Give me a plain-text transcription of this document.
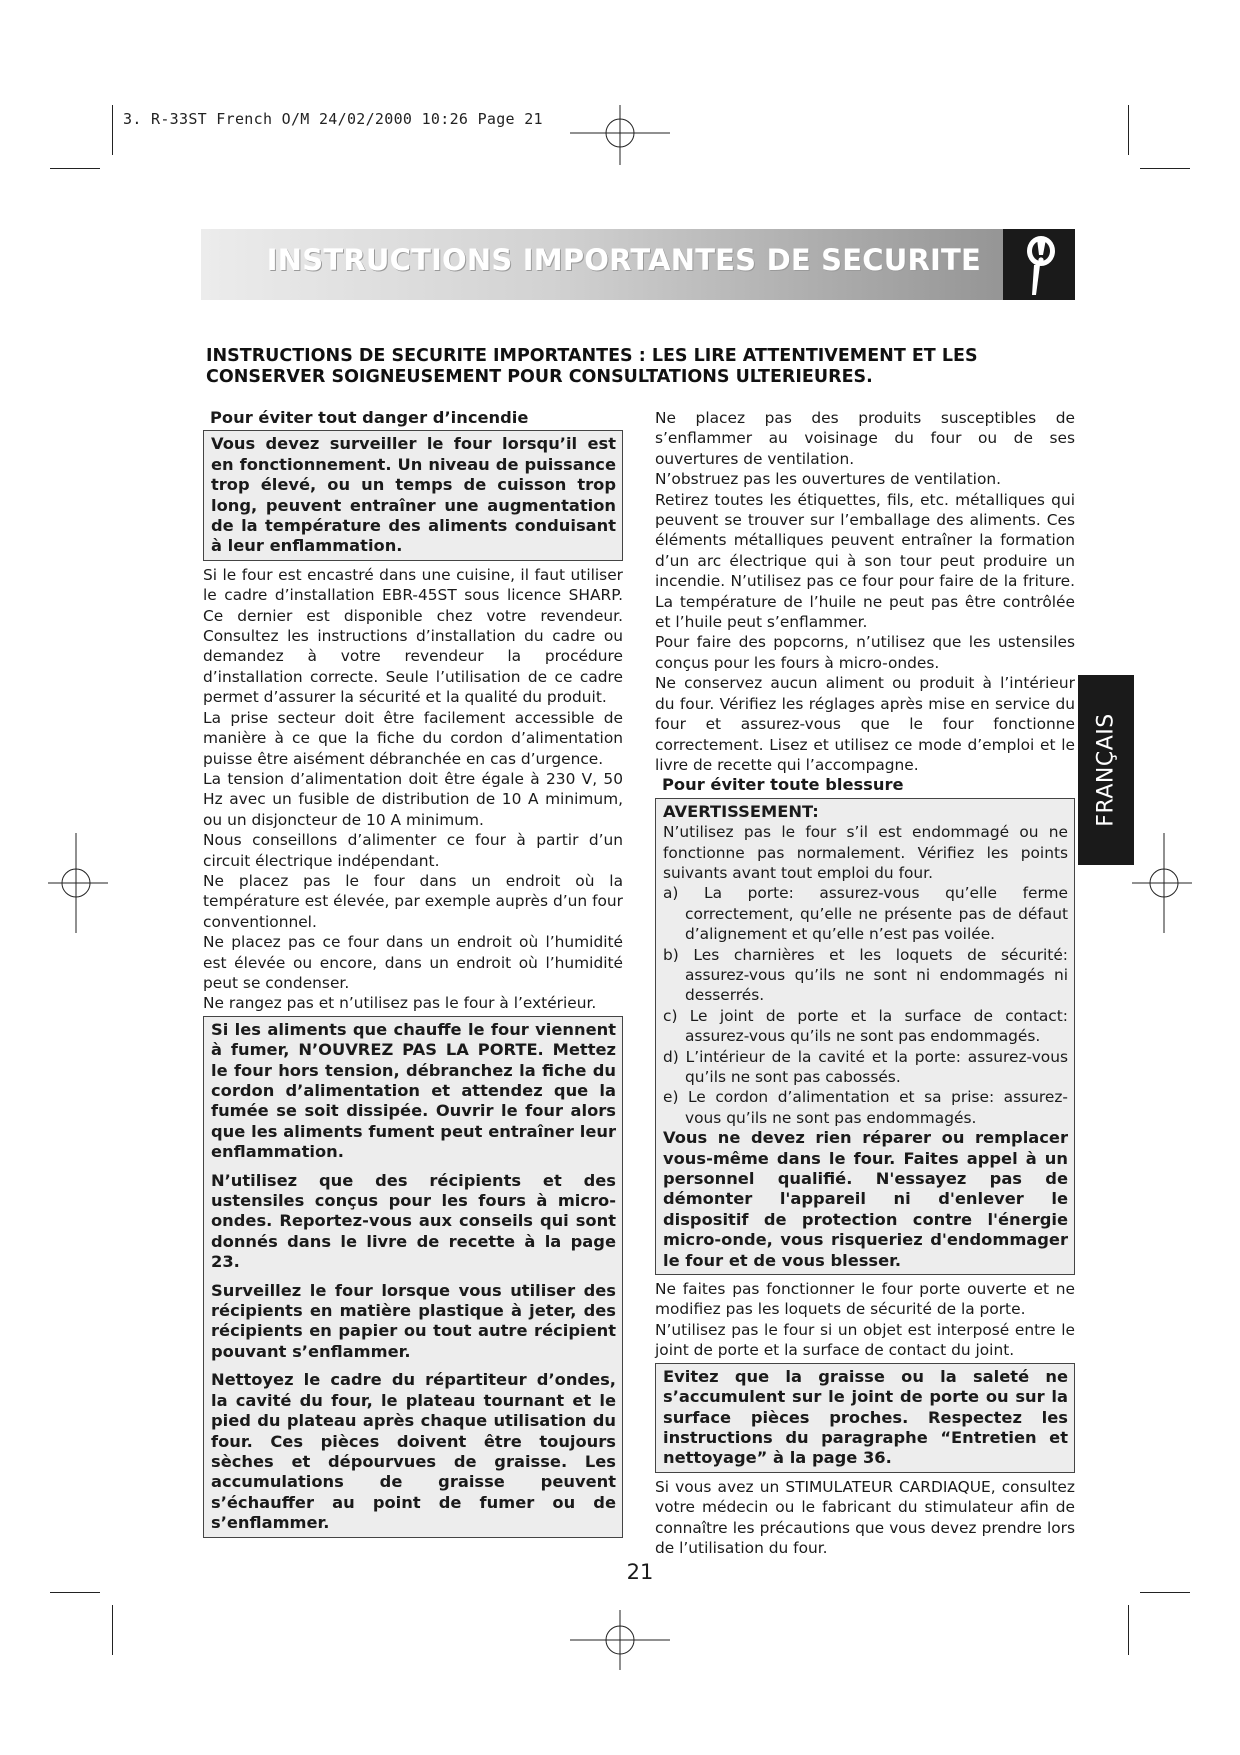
3. R-33ST French O/M 24/02/2000 10:26 Page 21
INSTRUCTIONS IMPORTANTES DE SECURITE
INSTRUCTIONS DE SECURITE IMPORTANTES : LES LIRE ATTENTIVEMENT ET LES CONSERVER SOIGNEUSEMENT POUR CONSULTATIONS ULTERIEURES.

Pour éviter tout danger d’incendie

Vous devez surveiller le four lorsqu’il est en fonctionnement. Un niveau de puissance trop élevé, ou un temps de cuisson trop long, peuvent entraîner une augmentation de la température des aliments conduisant à leur enflammation.

Si le four est encastré dans une cuisine, il faut utiliser le cadre d’installation EBR-45ST sous licence SHARP. Ce dernier est disponible chez votre revendeur. Consultez les instructions d’installation du cadre ou demandez à votre revendeur la procédure d’installation correcte. Seule l’utilisation de ce cadre permet d’assurer la sécurité et la qualité du produit.

La prise secteur doit être facilement accessible de manière à ce que la fiche du cordon d’alimentation puisse être aisément débranchée en cas d’urgence.

La tension d’alimentation doit être égale à 230 V, 50 Hz avec un fusible de distribution de 10 A minimum, ou un disjoncteur de 10 A minimum.

Nous conseillons d’alimenter ce four à partir d’un circuit électrique indépendant.

Ne placez pas le four dans un endroit où la température est élevée, par exemple auprès d’un four conventionnel.

Ne placez pas ce four dans un endroit où l’humidité est élevée ou encore, dans un endroit où l’humidité peut se condenser.

Ne rangez pas et n’utilisez pas le four à l’extérieur.

Si les aliments que chauffe le four viennent à fumer, N’OUVREZ PAS LA PORTE. Mettez le four hors tension, débranchez la fiche du cordon d’alimentation et attendez que la fumée se soit dissipée. Ouvrir le four alors que les aliments fument peut entraîner leur enflammation.

N’utilisez que des récipients et des ustensiles conçus pour les fours à micro-ondes. Reportez-vous aux conseils qui sont donnés dans le livre de recette à la page 23.

Surveillez le four lorsque vous utiliser des récipients en matière plastique à jeter, des récipients en papier ou tout autre récipient pouvant s’enflammer.

Nettoyez le cadre du répartiteur d’ondes, la cavité du four, le plateau tournant et le pied du plateau après chaque utilisation du four. Ces pièces doivent être toujours sèches et dépourvues de graisse. Les accumulations de graisse peuvent s’échauffer au point de fumer ou de s’enflammer.

Ne placez pas des produits susceptibles de s’enflammer au voisinage du four ou de ses ouvertures de ventilation.

N’obstruez pas les ouvertures de ventilation.

Retirez toutes les étiquettes, fils, etc. métalliques qui peuvent se trouver sur l’emballage des aliments. Ces éléments métalliques peuvent entraîner la formation d’un arc électrique qui à son tour peut produire un incendie. N’utilisez pas ce four pour faire de la friture. La température de l’huile ne peut pas être contrôlée et l’huile peut s’enflammer.

Pour faire des popcorns, n’utilisez que les ustensiles conçus pour les fours à micro-ondes.

Ne conservez aucun aliment ou produit à l’intérieur du four. Vérifiez les réglages après mise en service du four et assurez-vous que le four fonctionne correctement. Lisez et utilisez ce mode d’emploi et le livre de recette qui l’accompagne.

Pour éviter toute blessure

AVERTISSEMENT:

N’utilisez pas le four s’il est endommagé ou ne fonctionne pas normalement. Vérifiez les points suivants avant tout emploi du four.

a) La porte: assurez-vous qu’elle ferme correctement, qu’elle ne présente pas de défaut d’alignement et qu’elle n’est pas voilée.

b) Les charnières et les loquets de sécurité: assurez-vous qu’ils ne sont ni endommagés ni desserrés.

c) Le joint de porte et la surface de contact: assurez-vous qu’ils ne sont pas endommagés.

d) L’intérieur de la cavité et la porte: assurez-vous qu’ils ne sont pas cabossés.

e) Le cordon d’alimentation et sa prise: assurez-vous qu’ils ne sont pas endommagés.

Vous ne devez rien réparer ou remplacer vous-même dans le four. Faites appel à un personnel qualifié. N'essayez pas de démonter l'appareil ni d'enlever le dispositif de protection contre l'énergie micro-onde, vous risqueriez d'endommager le four et de vous blesser.

Ne faites pas fonctionner le four porte ouverte et ne modifiez pas les loquets de sécurité de la porte.

N’utilisez pas le four si un objet est interposé entre le joint de porte et la surface de contact du joint.

Evitez que la graisse ou la saleté ne s’accumulent sur le joint de porte ou sur la surface pièces proches. Respectez les instructions du paragraphe “Entretien et nettoyage” à la page 36.

Si vous avez un STIMULATEUR CARDIAQUE, consultez votre médecin ou le fabricant du stimulateur afin de connaître les précautions que vous devez prendre lors de l’utilisation du four.

FRANÇAIS
21
